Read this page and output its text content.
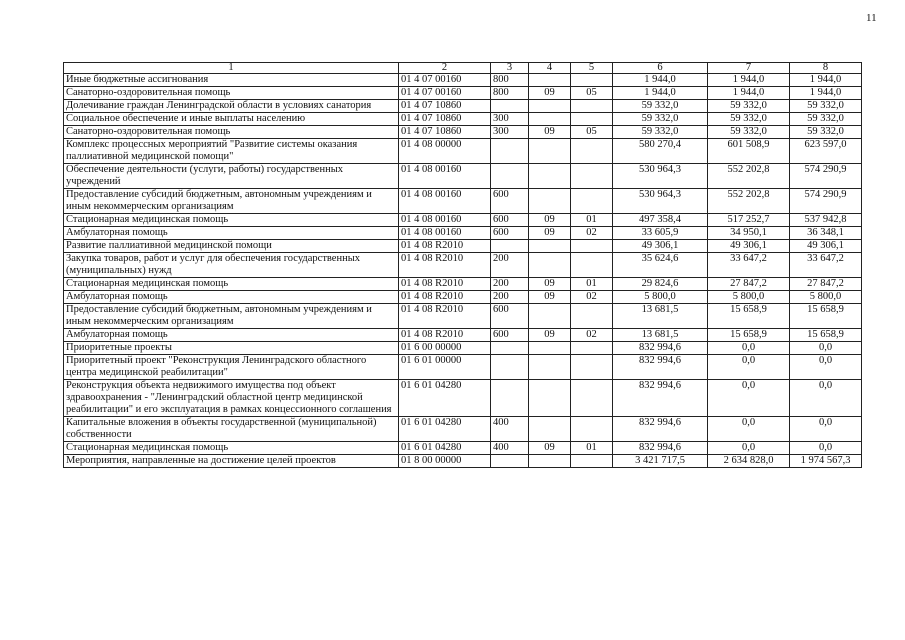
11
1	2	3	4	5	6	7	8
Иные бюджетные ассигнования	01 4 07 00160	800			1 944,0	1 944,0	1 944,0
Санаторно-оздоровительная помощь	01 4 07 00160	800	09	05	1 944,0	1 944,0	1 944,0
Долечивание граждан Ленинградской области в условиях санатория	01 4 07 10860				59 332,0	59 332,0	59 332,0
Социальное обеспечение и иные выплаты населению	01 4 07 10860	300			59 332,0	59 332,0	59 332,0
Санаторно-оздоровительная помощь	01 4 07 10860	300	09	05	59 332,0	59 332,0	59 332,0
Комплекс процессных мероприятий "Развитие системы оказания паллиативной медицинской помощи"	01 4 08 00000				580 270,4	601 508,9	623 597,0
Обеспечение деятельности (услуги, работы) государственных учреждений	01 4 08 00160				530 964,3	552 202,8	574 290,9
Предоставление субсидий бюджетным, автономным учреждениям и иным некоммерческим организациям	01 4 08 00160	600			530 964,3	552 202,8	574 290,9
Стационарная медицинская помощь	01 4 08 00160	600	09	01	497 358,4	517 252,7	537 942,8
Амбулаторная помощь	01 4 08 00160	600	09	02	33 605,9	34 950,1	36 348,1
Развитие паллиативной медицинской помощи	01 4 08 R2010				49 306,1	49 306,1	49 306,1
Закупка товаров, работ и услуг для обеспечения государственных (муниципальных) нужд	01 4 08 R2010	200			35 624,6	33 647,2	33 647,2
Стационарная медицинская помощь	01 4 08 R2010	200	09	01	29 824,6	27 847,2	27 847,2
Амбулаторная помощь	01 4 08 R2010	200	09	02	5 800,0	5 800,0	5 800,0
Предоставление субсидий бюджетным, автономным учреждениям и иным некоммерческим организациям	01 4 08 R2010	600			13 681,5	15 658,9	15 658,9
Амбулаторная помощь	01 4 08 R2010	600	09	02	13 681,5	15 658,9	15 658,9
Приоритетные проекты	01 6 00 00000				832 994,6	0,0	0,0
Приоритетный проект "Реконструкция Ленинградского областного центра медицинской реабилитации"	01 6 01 00000				832 994,6	0,0	0,0
Реконструкция объекта недвижимого имущества под объект здравоохранения - "Ленинградский областной центр медицинской реабилитации" и его эксплуатация в рамках концессионного соглашения	01 6 01 04280				832 994,6	0,0	0,0
Капитальные вложения в объекты государственной (муниципальной) собственности	01 6 01 04280	400			832 994,6	0,0	0,0
Стационарная медицинская помощь	01 6 01 04280	400	09	01	832 994,6	0,0	0,0
Мероприятия, направленные на достижение целей проектов	01 8 00 00000				3 421 717,5	2 634 828,0	1 974 567,3
